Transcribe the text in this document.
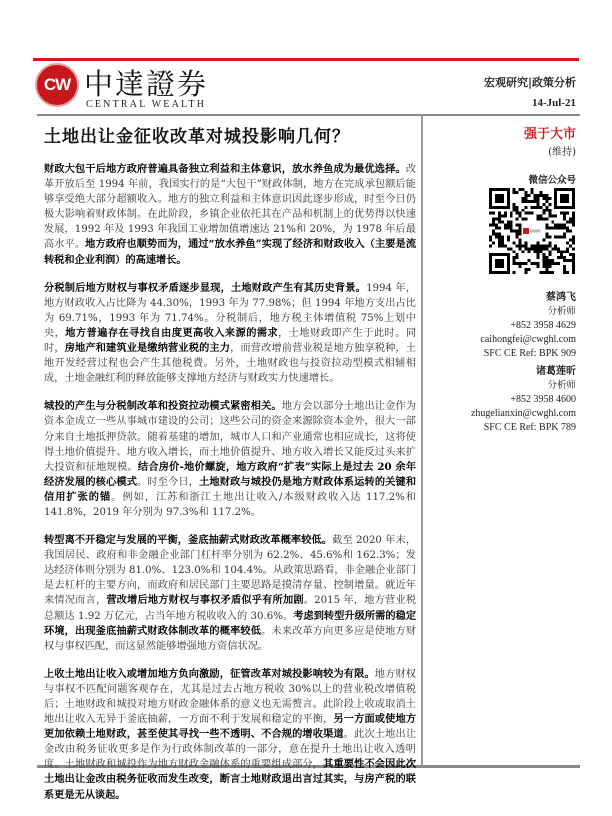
CW 中達證券
CENTRAL WEALTH
宏观研究|政策分析
14-Jul-21
土地出让金征收改革对城投影响几何？	强于大市
(维持)

财政大包干后地方政府普遍具备独立利益和主体意识，放水养鱼成为最优选择。改革开放后至 1994 年前，我国实行的是“大包干”财政体制，地方在完成承包额后能够享受绝大部分超额收入。地方的独立利益和主体意识因此逐步形成，时至今日仍极大影响着财政体制。在此阶段，乡镇企业依托其在产品和机制上的优势得以快速发展，1992 年及 1993 年我国工业增加值增速达 21%和 20%，为 1978 年后最高水平。地方政府也顺势而为，通过“放水养鱼”实现了经济和财政收入（主要是流转税和企业利润）的高速增长。

分税制后地方财权与事权矛盾逐步显现，土地财政产生有其历史背景。1994 年，地方财政收入占比降为 44.30%，1993 年为 77.98%；但 1994 年地方支出占比为 69.71%，1993 年为 71.74%。分税制后，地方税主体增值税 75%上划中央，地方普遍存在寻找自由度更高收入来源的需求，土地财政即产生于此时。同时，房地产和建筑业是缴纳营业税的主力，而营改增前营业税是地方独享税种，土地开发经营过程也会产生其他税费。另外，土地财政也与投资拉动型模式相辅相成，土地金融红利的释放能够支撑地方经济与财政实力快速增长。

城投的产生与分税制改革和投资拉动模式紧密相关。地方会以部分土地出让金作为资本金成立一些从事城市建设的公司；这些公司的资金来源除资本金外，很大一部分来自土地抵押贷款。随着基建的增加，城市人口和产业通常也相应成长，这将使得土地价值提升、地方收入增长，而土地价值提升、地方收入增长又能反过头来扩大投资和征地规模。结合房价-地价螺旋，地方政府“扩表”实际上是过去 20 余年经济发展的核心模式。时至今日，土地财政与城投仍是地方财政体系运转的关键和信用扩张的锚。例如，江苏和浙江土地出让收入/本级财政收入达 117.2%和 141.8%，2019 年分别为 97.3%和 117.2%。

转型离不开稳定与发展的平衡，釜底抽薪式财政改革概率较低。截至 2020 年末，我国居民、政府和非金融企业部门杠杆率分别为 62.2%、45.6%和 162.3%；发达经济体则分别为 81.0%、123.0%和 104.4%。从政策思路看，非金融企业部门是去杠杆的主要方向，而政府和居民部门主要思路是摸清存量、控制增量。就近年来情况而言，营改增后地方财权与事权矛盾似乎有所加剧。2015 年，地方营业税总额达 1.92 万亿元，占当年地方税收收入的 30.6%。考虑到转型升级所需的稳定环境，出现釜底抽薪式财政体制改革的概率较低。未来改革方向更多应是使地方财权与事权匹配，而这显然能够增强地方资信状况。

上收土地出让收入或增加地方负向激励，征管改革对城投影响较为有限。地方财权与事权不匹配问题客观存在，尤其是过去占地方税收 30%以上的营业税改增值税后；土地财政和城投对地方财政金融体系的意义也无需赘言。此阶段上收或取消土地出让收入无异于釜底抽薪，一方面不利于发展和稳定的平衡，另一方面或使地方更加依赖土地财政，甚至使其寻找一些不透明、不合规的增收渠道。此次土地出让金改由税务征收更多是作为行政体制改革的一部分，意在提升土地出让收入透明度。土地财政和城投作为地方财政金融体系的重要组成部分，其重要性不会因此次土地出让金改由税务征收而发生改变，断言土地财政退出言过其实，与房产税的联系更是无从谈起。

微信公众号
蔡鸿飞
分析师
+852 3958 4629
caihongfei@cwghl.com
SFC CE Ref: BPK 909
诸葛莲昕
分析师
+852 3958 4600
zhugelianxin@cwghl.com
SFC CE Ref: BPK 789
